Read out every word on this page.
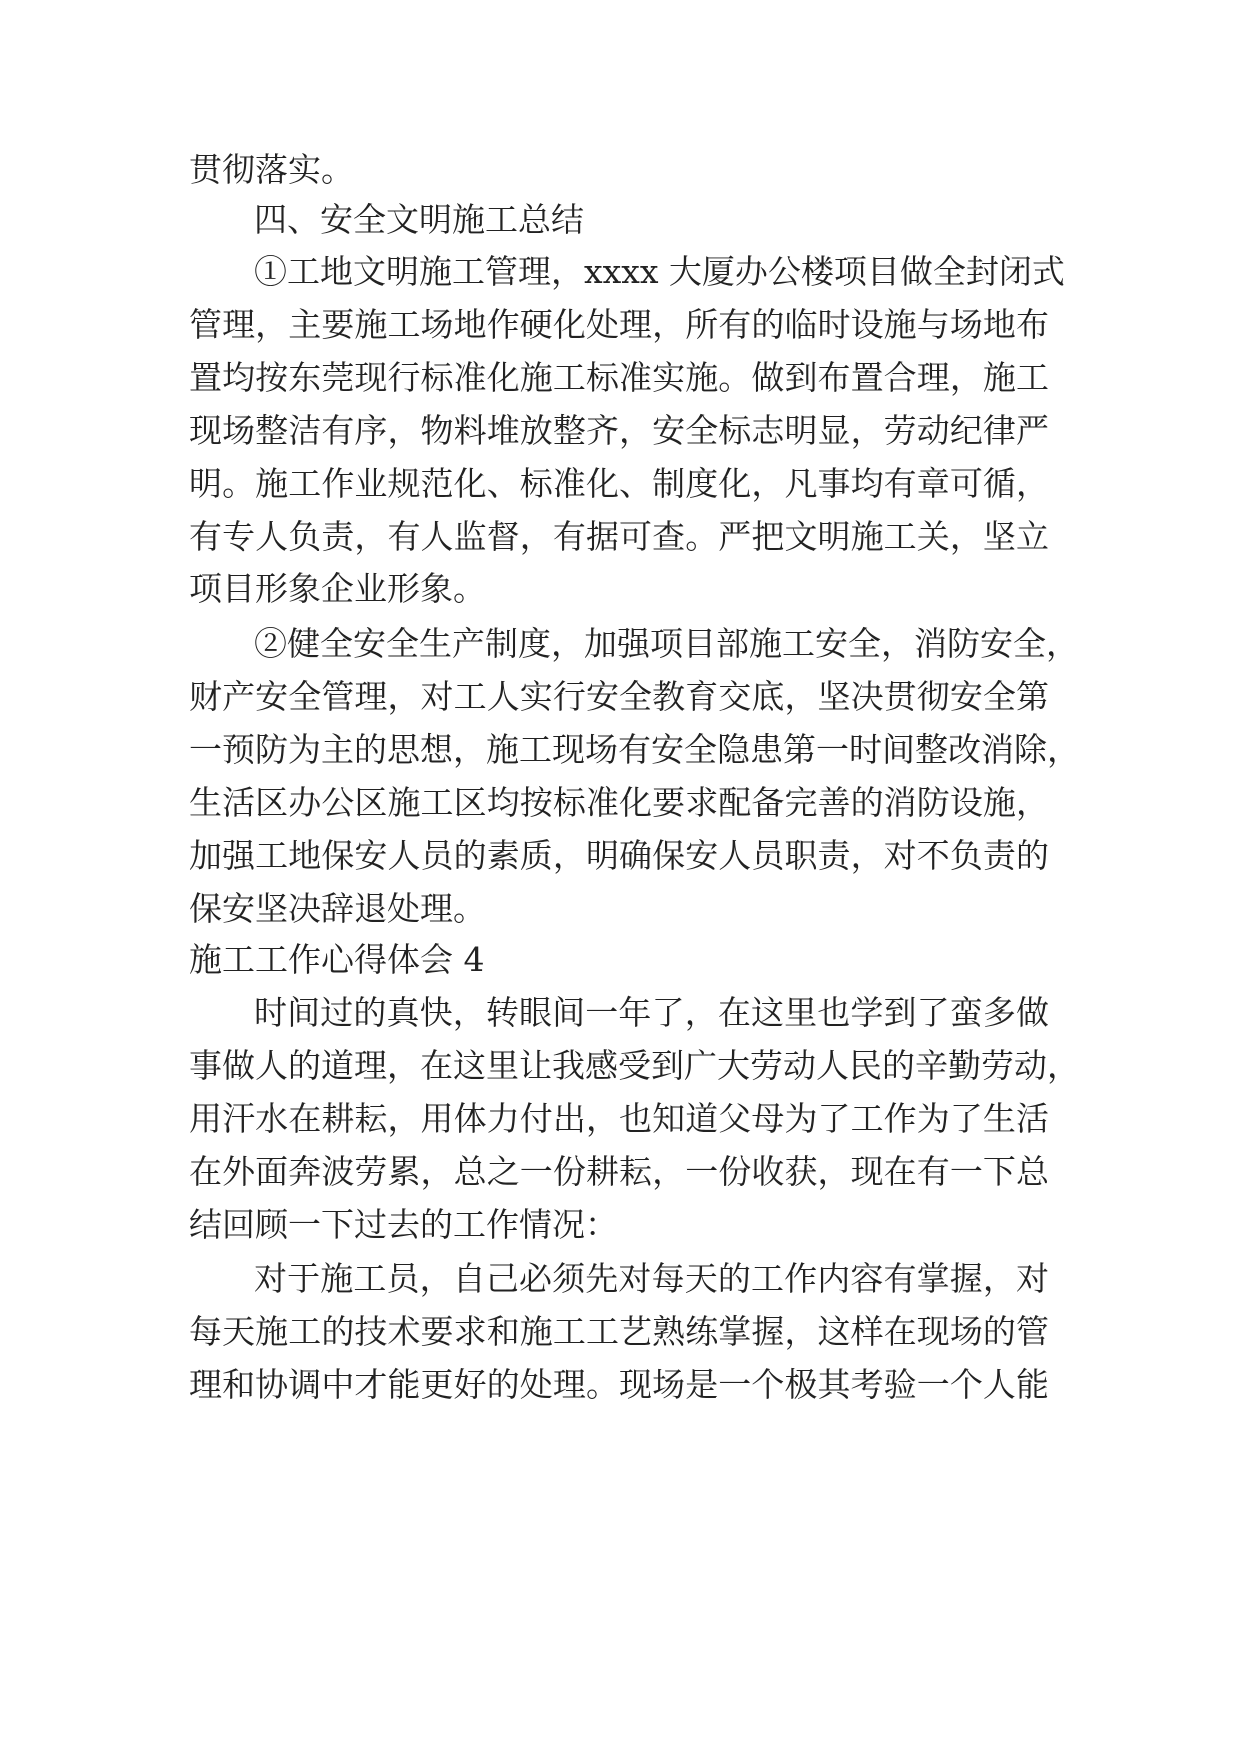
贯彻落实。
四、安全文明施工总结
①工地文明施工管理，xxxx 大厦办公楼项目做全封闭式
管理，主要施工场地作硬化处理，所有的临时设施与场地布
置均按东莞现行标准化施工标准实施。做到布置合理，施工
现场整洁有序，物料堆放整齐，安全标志明显，劳动纪律严
明。施工作业规范化、标准化、制度化，凡事均有章可循，
有专人负责，有人监督，有据可查。严把文明施工关，坚立
项目形象企业形象。
②健全安全生产制度，加强项目部施工安全，消防安全，
财产安全管理，对工人实行安全教育交底，坚决贯彻安全第
一预防为主的思想，施工现场有安全隐患第一时间整改消除，
生活区办公区施工区均按标准化要求配备完善的消防设施，
加强工地保安人员的素质，明确保安人员职责，对不负责的
保安坚决辞退处理。
施工工作心得体会 4
时间过的真快，转眼间一年了，在这里也学到了蛮多做
事做人的道理，在这里让我感受到广大劳动人民的辛勤劳动，
用汗水在耕耘，用体力付出，也知道父母为了工作为了生活
在外面奔波劳累，总之一份耕耘，一份收获，现在有一下总
结回顾一下过去的工作情况：
对于施工员，自己必须先对每天的工作内容有掌握，对
每天施工的技术要求和施工工艺熟练掌握，这样在现场的管
理和协调中才能更好的处理。现场是一个极其考验一个人能
